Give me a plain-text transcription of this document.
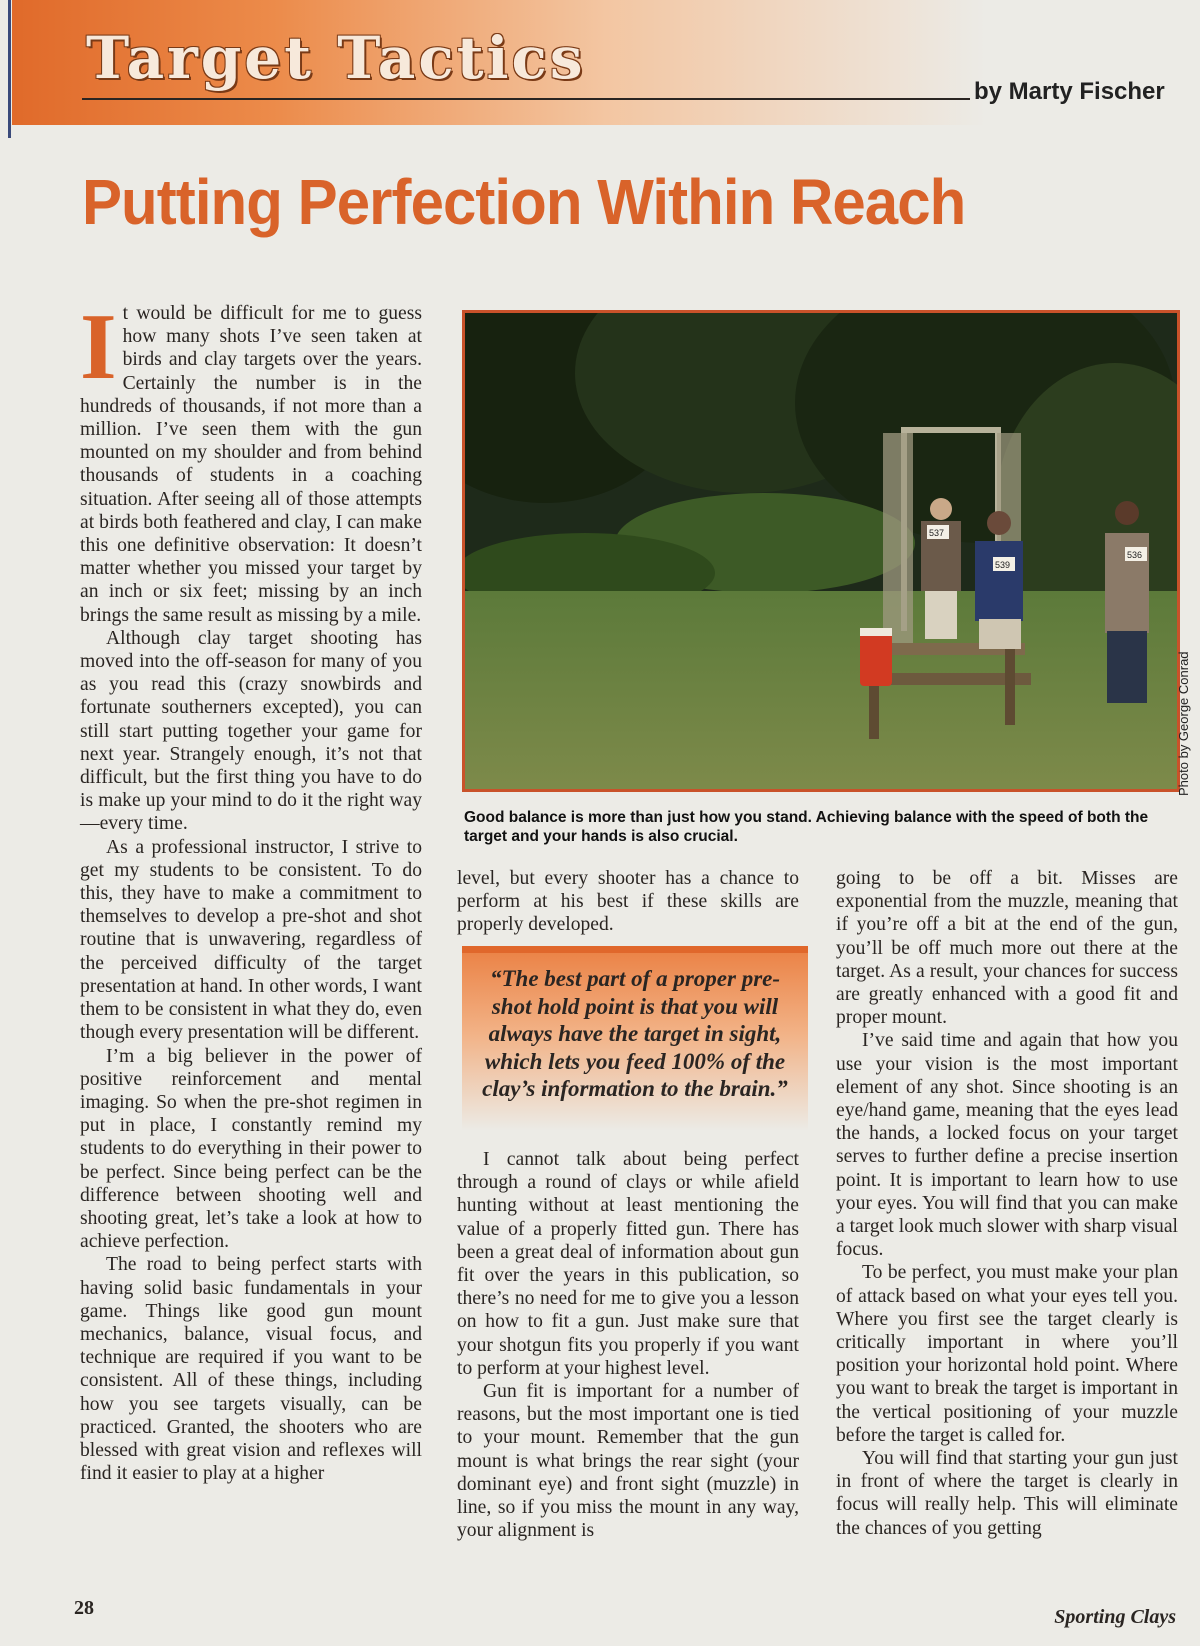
Target Tactics	by Marty Fischer
Putting Perfection Within Reach

It would be difficult for me to guess how many shots I’ve seen taken at birds and clay targets over the years. Certainly the number is in the hundreds of thousands, if not more than a million. I’ve seen them with the gun mounted on my shoulder and from behind thousands of students in a coaching situation. After seeing all of those attempts at birds both feathered and clay, I can make this one definitive observation: It doesn’t matter whether you missed your target by an inch or six feet; missing by an inch brings the same result as missing by a mile.

Although clay target shooting has moved into the off-season for many of you as you read this (crazy snowbirds and fortunate southerners excepted), you can still start putting together your game for next year. Strangely enough, it’s not that difficult, but the first thing you have to do is make up your mind to do it the right way—every time.

As a professional instructor, I strive to get my students to be consistent. To do this, they have to make a commitment to themselves to develop a pre-shot and shot routine that is unwavering, regardless of the perceived difficulty of the target presentation at hand. In other words, I want them to be consistent in what they do, even though every presentation will be different.

I’m a big believer in the power of positive reinforcement and mental imaging. So when the pre-shot regimen in put in place, I constantly remind my students to do everything in their power to be perfect. Since being perfect can be the difference between shooting well and shooting great, let’s take a look at how to achieve perfection.

The road to being perfect starts with having solid basic fundamentals in your game. Things like good gun mount mechanics, balance, visual focus, and technique are required if you want to be consistent. All of these things, including how you see targets visually, can be practiced. Granted, the shooters who are blessed with great vision and reflexes will find it easier to play at a higher

537
539
536
Photo by George Conrad
Good balance is more than just how you stand. Achieving balance with the speed of both the target and your hands is also crucial.

level, but every shooter has a chance to perform at his best if these skills are properly developed.

“The best part of a proper pre-shot hold point is that you will always have the target in sight, which lets you feed 100% of the clay’s information to the brain.”

I cannot talk about being perfect through a round of clays or while afield hunting without at least mentioning the value of a properly fitted gun. There has been a great deal of information about gun fit over the years in this publication, so there’s no need for me to give you a lesson on how to fit a gun. Just make sure that your shotgun fits you properly if you want to perform at your highest level.

Gun fit is important for a number of reasons, but the most important one is tied to your mount. Remember that the gun mount is what brings the rear sight (your dominant eye) and front sight (muzzle) in line, so if you miss the mount in any way, your alignment is

going to be off a bit. Misses are exponential from the muzzle, meaning that if you’re off a bit at the end of the gun, you’ll be off much more out there at the target. As a result, your chances for success are greatly enhanced with a good fit and proper mount.

I’ve said time and again that how you use your vision is the most important element of any shot. Since shooting is an eye/hand game, meaning that the eyes lead the hands, a locked focus on your target serves to further define a precise insertion point. It is important to learn how to use your eyes. You will find that you can make a target look much slower with sharp visual focus.

To be perfect, you must make your plan of attack based on what your eyes tell you. Where you first see the target clearly is critically important in where you’ll position your horizontal hold point. Where you want to break the target is important in the vertical positioning of your muzzle before the target is called for.

You will find that starting your gun just in front of where the target is clearly in focus will really help. This will eliminate the chances of you getting

28	Sporting Clays
